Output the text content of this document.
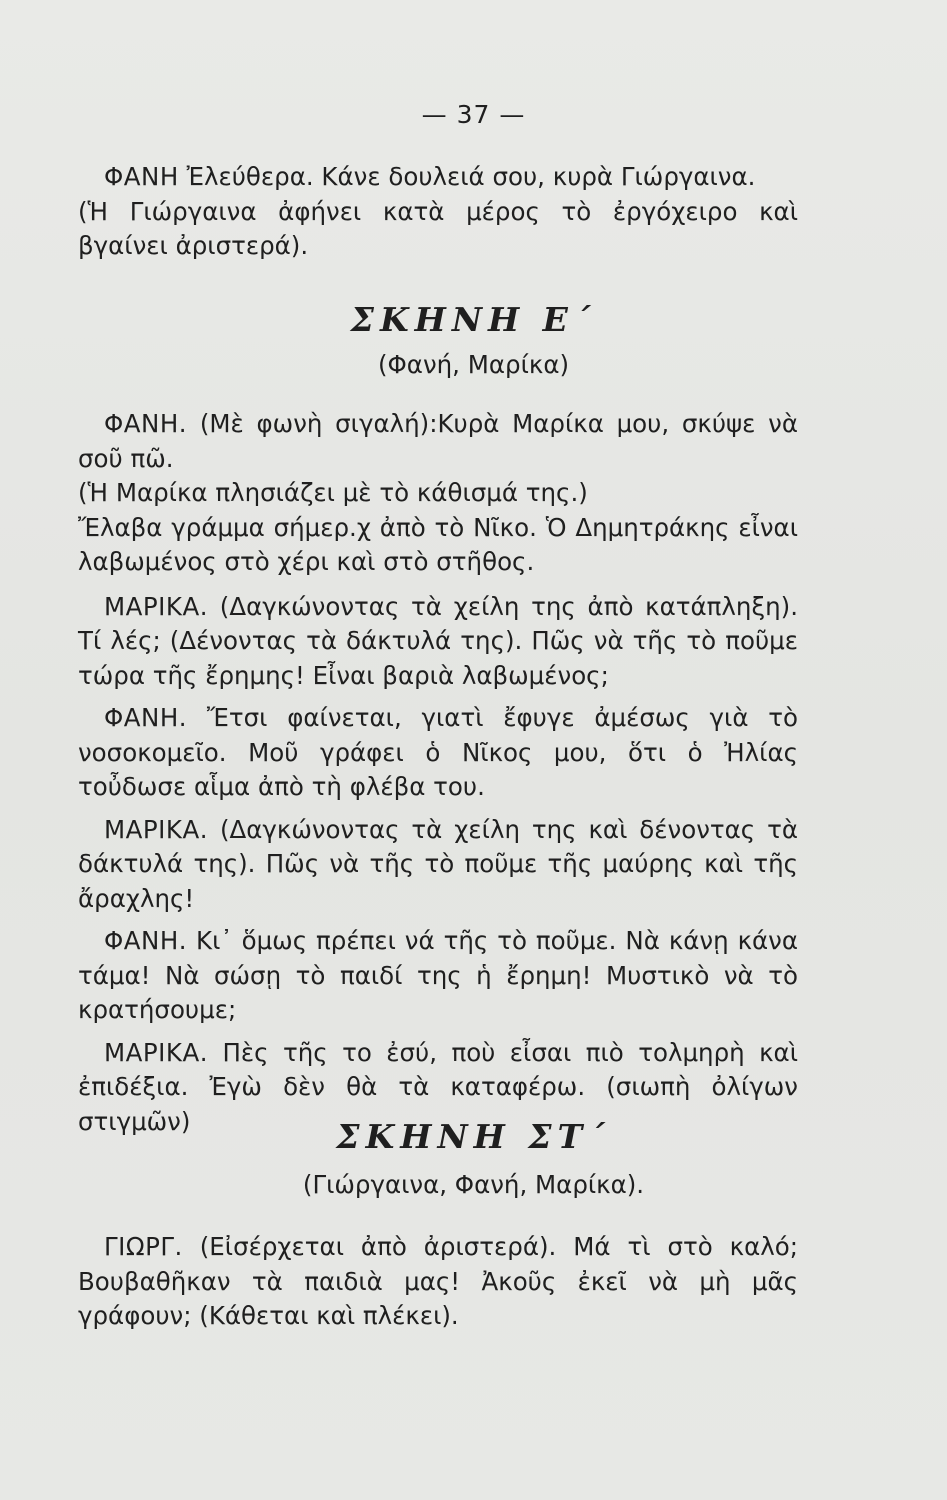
— 37 —

ΦΑΝΗ Ἐλεύθερα. Κάνε δουλειά σου, κυρὰ Γιώργαινα.

(Ἡ Γιώργαινα ἀφήνει κατὰ μέρος τὸ ἐργόχειρο καὶ βγαίνει ἀριστερά).

ΣΚΗΝΗ Ε΄
(Φανή, Μαρίκα)

ΦΑΝΗ. (Μὲ φωνὴ σιγαλή):Κυρὰ Μαρίκα μου, σκύψε νὰ σοῦ πῶ.

(Ἡ Μαρίκα πλησιάζει μὲ τὸ κάθισμά της.)

Ἔλαβα γράμμα σήμερ.χ ἀπὸ τὸ Νῖκο. Ὁ Δημητράκης εἶναι λαβωμένος στὸ χέρι καὶ στὸ στῆθος.

ΜΑΡΙΚΑ. (Δαγκώνοντας τὰ χείλη της ἀπὸ κατάπληξη). Τί λές; (Δένοντας τὰ δάκτυλά της). Πῶς νὰ τῆς τὸ ποῦμε τώρα τῆς ἔρημης! Εἶναι βαριὰ λαβωμένος;

ΦΑΝΗ. Ἔτσι φαίνεται, γιατὶ ἔφυγε ἀμέσως γιὰ τὸ νοσοκομεῖο. Μοῦ γράφει ὁ Νῖκος μου, ὅτι ὁ Ἠλίας τοὖδωσε αἷμα ἀπὸ τὴ φλέβα του.

ΜΑΡΙΚΑ. (Δαγκώνοντας τὰ χείλη της καὶ δένοντας τὰ δάκτυλά της). Πῶς νὰ τῆς τὸ ποῦμε τῆς μαύρης καὶ τῆς ἄραχλης!

ΦΑΝΗ. Κι᾿ ὅμως πρέπει νά τῆς τὸ ποῦμε. Νὰ κάνῃ κάνα τάμα! Νὰ σώσῃ τὸ παιδί της ἡ ἔρημη! Μυστικὸ νὰ τὸ κρατήσουμε;

ΜΑΡΙΚΑ. Πὲς τῆς το ἐσύ, ποὺ εἶσαι πιὸ τολμηρὴ καὶ ἐπιδέξια. Ἐγὼ δὲν θὰ τὰ καταφέρω. (σιωπὴ ὀλίγων στιγμῶν)	ΣΚΗΝΗ ΣΤ΄
(Γιώργαινα, Φανή, Μαρίκα).

ΓΙΩΡΓ. (Εἰσέρχεται ἀπὸ ἀριστερά). Μά τὶ στὸ καλό; Βουβαθῆκαν τὰ παιδιὰ μας! Ἀκοῦς ἐκεῖ νὰ μὴ μᾶς γράφουν; (Κάθεται καὶ πλέκει).
